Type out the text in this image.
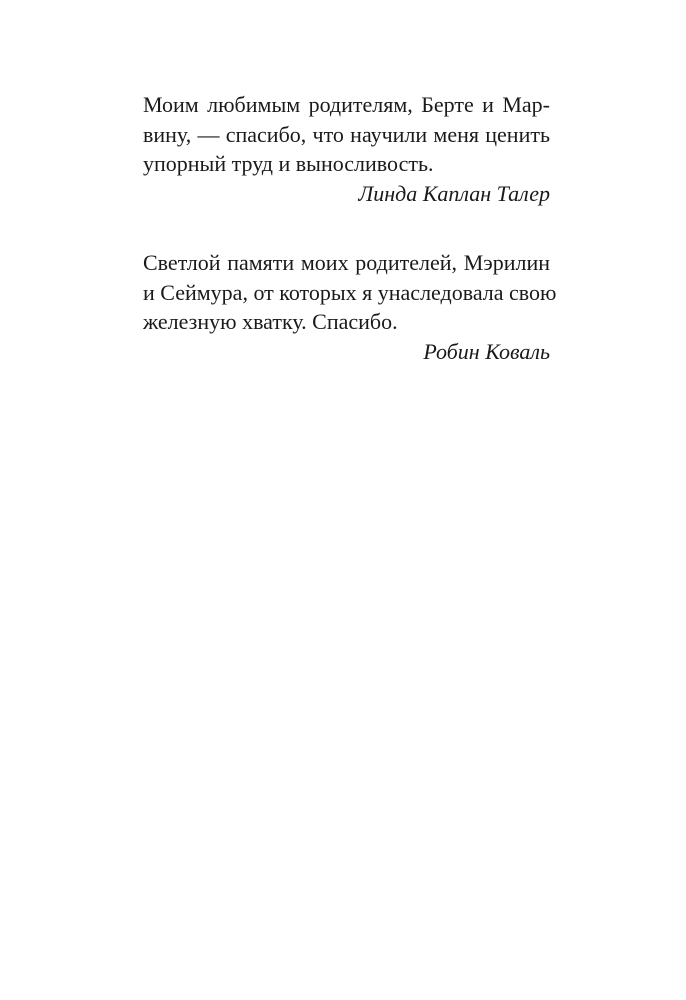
Моим любимым родителям, Берте и Мар-
вину, — спасибо, что научили меня ценить
упорный труд и выносливость.
Линда Каплан Талер
Светлой памяти моих родителей, Мэрилин
и Сеймура, от которых я унаследовала свою
железную хватку. Спасибо.
Робин Коваль
